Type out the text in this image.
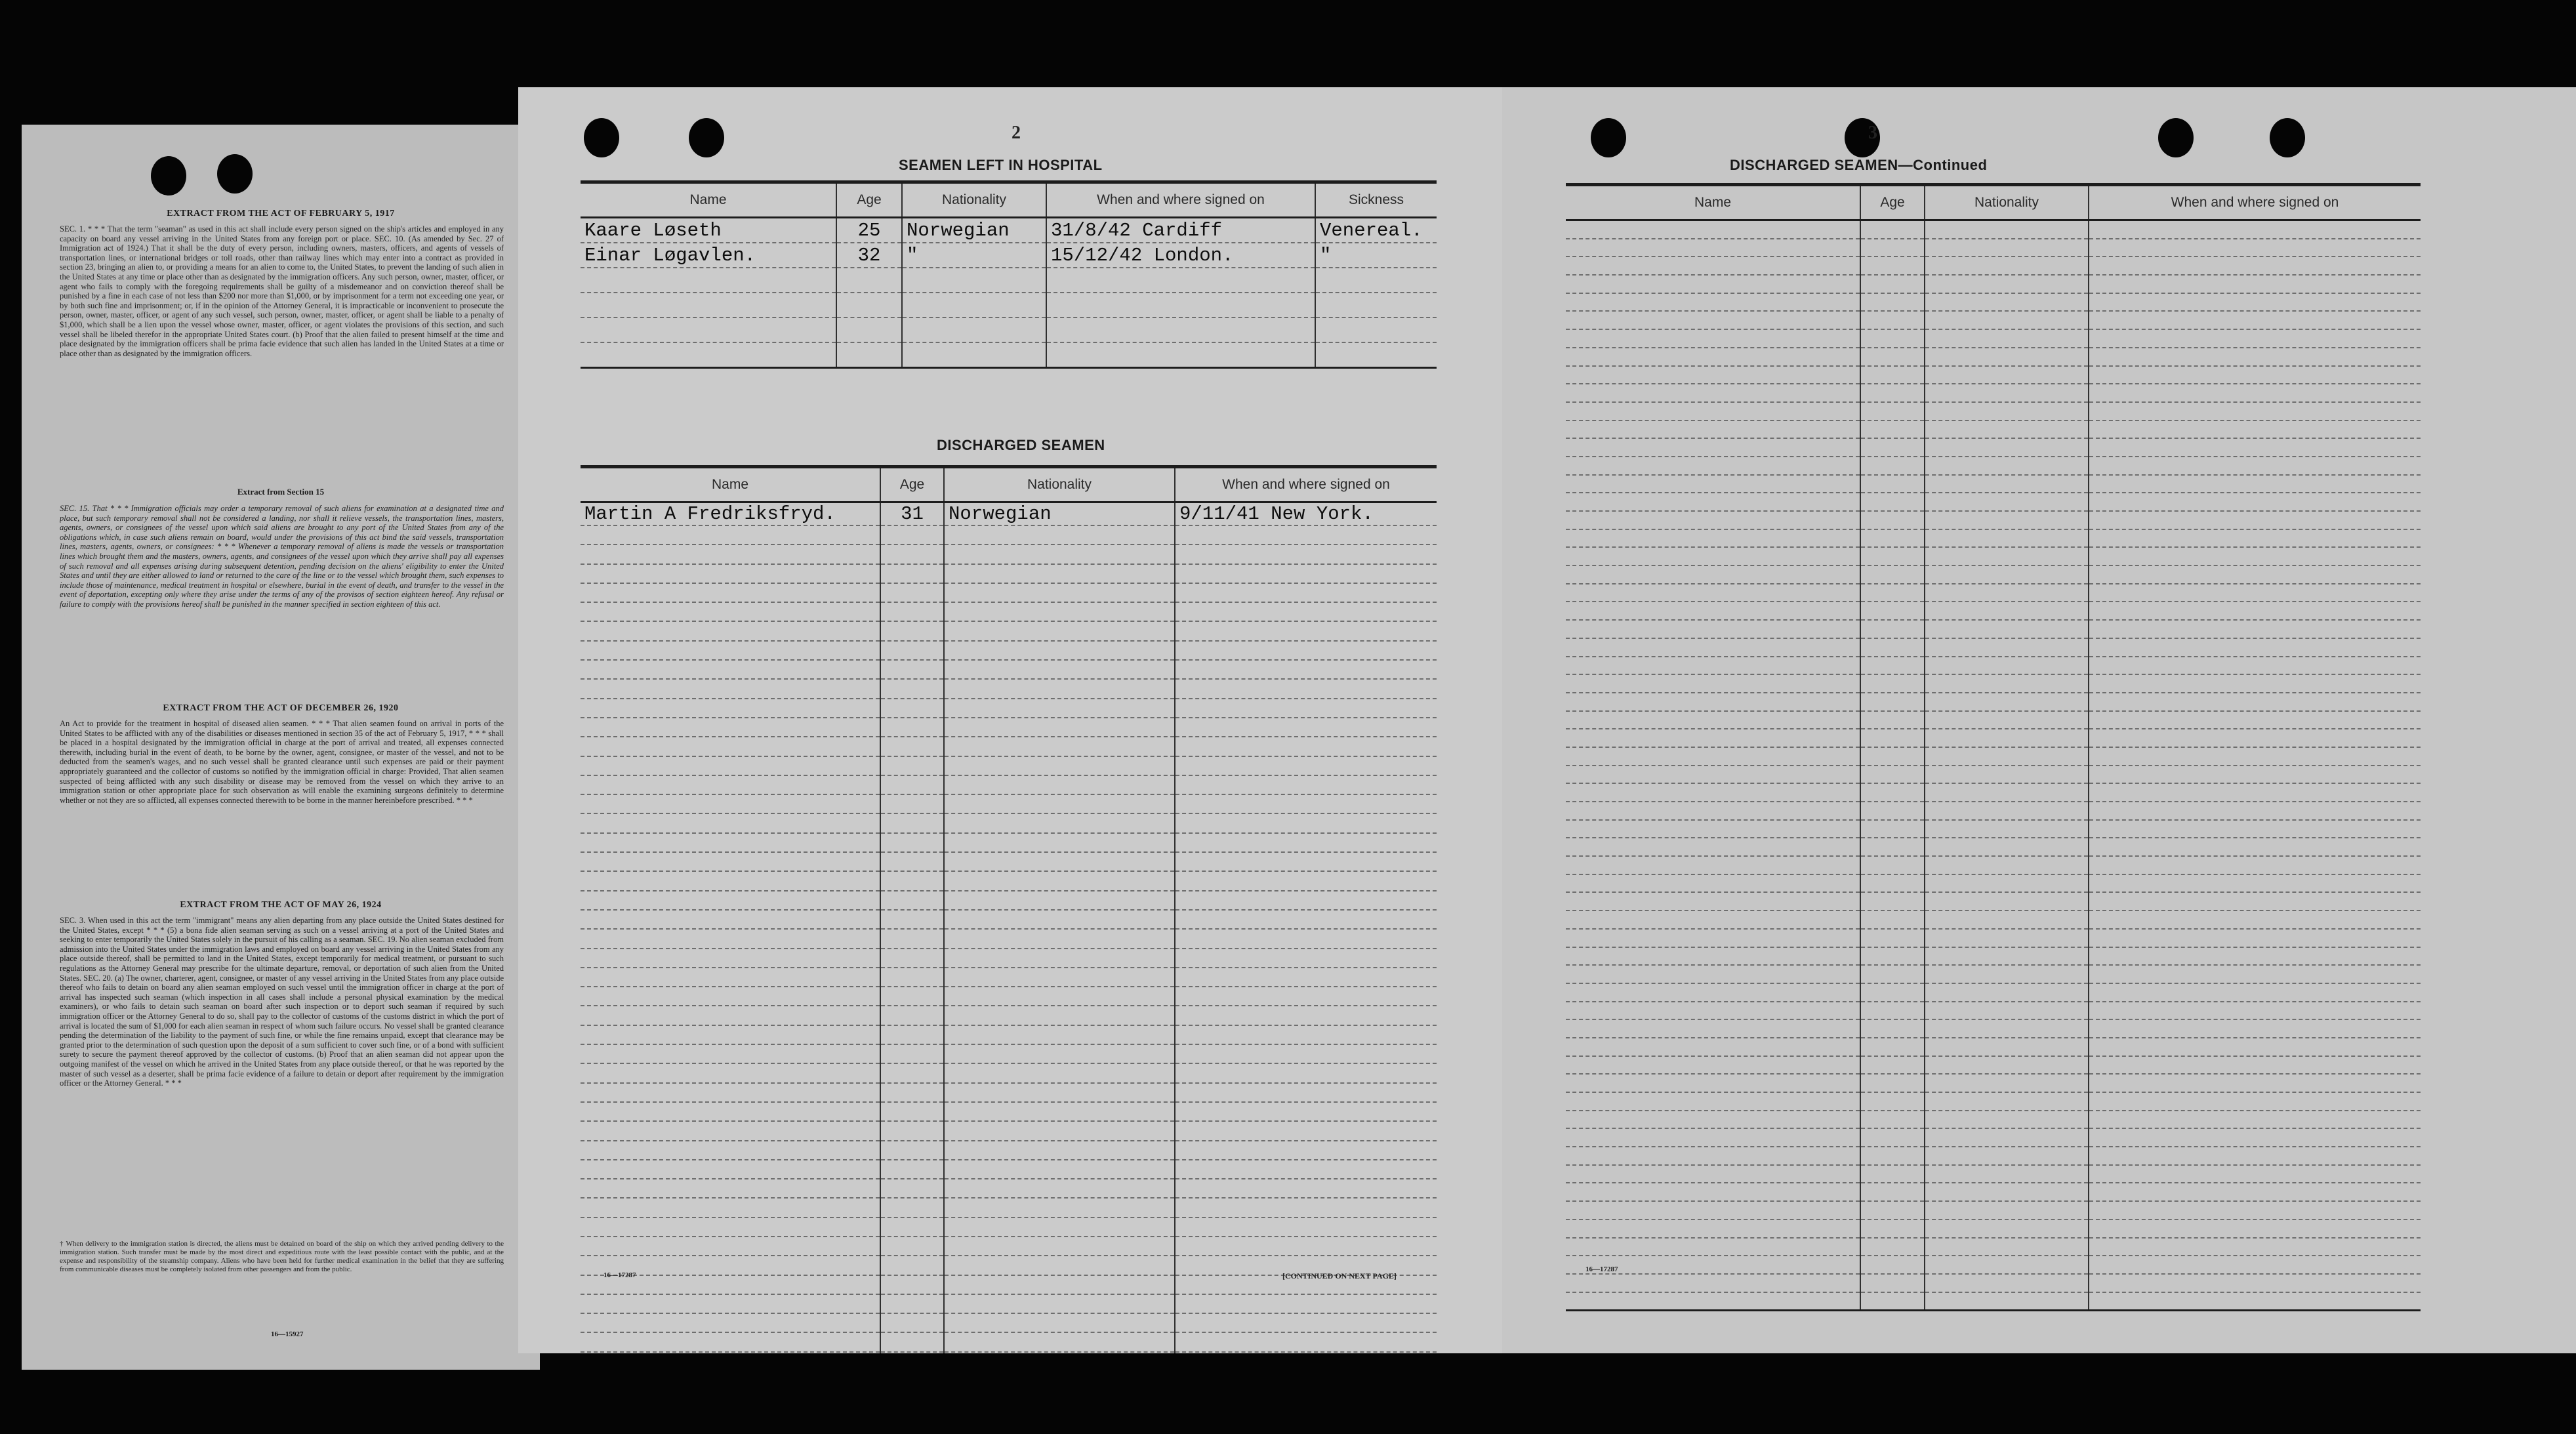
EXTRACT FROM THE ACT OF FEBRUARY 5, 1917
SEC. 1. * * * That the term "seaman" as used in this act shall include every person signed on the ship's articles and employed in any capacity on board any vessel arriving in the United States from any foreign port or place. SEC. 10. (As amended by Sec. 27 of Immigration act of 1924.) That it shall be the duty of every person, including owners, masters, officers, and agents of vessels of transportation lines, or international bridges or toll roads, other than railway lines which may enter into a contract as provided in section 23, bringing an alien to, or providing a means for an alien to come to, the United States, to prevent the landing of such alien in the United States at any time or place other than as designated by the immigration officers. Any such person, owner, master, officer, or agent who fails to comply with the foregoing requirements shall be guilty of a misdemeanor and on conviction thereof shall be punished by a fine in each case of not less than $200 nor more than $1,000, or by imprisonment for a term not exceeding one year, or by both such fine and imprisonment; or, if in the opinion of the Attorney General, it is impracticable or inconvenient to prosecute the person, owner, master, officer, or agent of any such vessel, such person, owner, master, officer, or agent shall be liable to a penalty of $1,000, which shall be a lien upon the vessel whose owner, master, officer, or agent violates the provisions of this section, and such vessel shall be libeled therefor in the appropriate United States court. (b) Proof that the alien failed to present himself at the time and place designated by the immigration officers shall be prima facie evidence that such alien has landed in the United States at a time or place other than as designated by the immigration officers.
Extract from Section 15
SEC. 15. That * * * Immigration officials may order a temporary removal of such aliens for examination at a designated time and place, but such temporary removal shall not be considered a landing, nor shall it relieve vessels, the transportation lines, masters, agents, owners, or consignees of the vessel upon which said aliens are brought to any port of the United States from any of the obligations which, in case such aliens remain on board, would under the provisions of this act bind the said vessels, transportation lines, masters, agents, owners, or consignees: * * * Whenever a temporary removal of aliens is made the vessels or transportation lines which brought them and the masters, owners, agents, and consignees of the vessel upon which they arrive shall pay all expenses of such removal and all expenses arising during subsequent detention, pending decision on the aliens' eligibility to enter the United States and until they are either allowed to land or returned to the care of the line or to the vessel which brought them, such expenses to include those of maintenance, medical treatment in hospital or elsewhere, burial in the event of death, and transfer to the vessel in the event of deportation, excepting only where they arise under the terms of any of the provisos of section eighteen hereof. Any refusal or failure to comply with the provisions hereof shall be punished in the manner specified in section eighteen of this act.
EXTRACT FROM THE ACT OF DECEMBER 26, 1920
An Act to provide for the treatment in hospital of diseased alien seamen. * * * That alien seamen found on arrival in ports of the United States to be afflicted with any of the disabilities or diseases mentioned in section 35 of the act of February 5, 1917, * * * shall be placed in a hospital designated by the immigration official in charge at the port of arrival and treated, all expenses connected therewith, including burial in the event of death, to be borne by the owner, agent, consignee, or master of the vessel, and not to be deducted from the seamen's wages, and no such vessel shall be granted clearance until such expenses are paid or their payment appropriately guaranteed and the collector of customs so notified by the immigration official in charge: Provided, That alien seamen suspected of being afflicted with any such disability or disease may be removed from the vessel on which they arrive to an immigration station or other appropriate place for such observation as will enable the examining surgeons definitely to determine whether or not they are so afflicted, all expenses connected therewith to be borne in the manner hereinbefore prescribed. * * *
EXTRACT FROM THE ACT OF MAY 26, 1924
SEC. 3. When used in this act the term "immigrant" means any alien departing from any place outside the United States destined for the United States, except * * * (5) a bona fide alien seaman serving as such on a vessel arriving at a port of the United States and seeking to enter temporarily the United States solely in the pursuit of his calling as a seaman. SEC. 19. No alien seaman excluded from admission into the United States under the immigration laws and employed on board any vessel arriving in the United States from any place outside thereof, shall be permitted to land in the United States, except temporarily for medical treatment, or pursuant to such regulations as the Attorney General may prescribe for the ultimate departure, removal, or deportation of such alien from the United States. SEC. 20. (a) The owner, charterer, agent, consignee, or master of any vessel arriving in the United States from any place outside thereof who fails to detain on board any alien seaman employed on such vessel until the immigration officer in charge at the port of arrival has inspected such seaman (which inspection in all cases shall include a personal physical examination by the medical examiners), or who fails to detain such seaman on board after such inspection or to deport such seaman if required by such immigration officer or the Attorney General to do so, shall pay to the collector of customs of the customs district in which the port of arrival is located the sum of $1,000 for each alien seaman in respect of whom such failure occurs. No vessel shall be granted clearance pending the determination of the liability to the payment of such fine, or while the fine remains unpaid, except that clearance may be granted prior to the determination of such question upon the deposit of a sum sufficient to cover such fine, or of a bond with sufficient surety to secure the payment thereof approved by the collector of customs. (b) Proof that an alien seaman did not appear upon the outgoing manifest of the vessel on which he arrived in the United States from any place outside thereof, or that he was reported by the master of such vessel as a deserter, shall be prima facie evidence of a failure to detain or deport after requirement by the immigration officer or the Attorney General. * * *
† When delivery to the immigration station is directed, the aliens must be detained on board of the ship on which they arrived pending delivery to the immigration station. Such transfer must be made by the most direct and expeditious route with the least possible contact with the public, and at the expense and responsibility of the steamship company. Aliens who have been held for further medical examination in the belief that they are suffering from communicable diseases must be completely isolated from other passengers and from the public.
16—15927
2
SEAMEN LEFT IN HOSPITAL
Name	Age	Nationality	When and where signed on	Sickness
Kaare Løseth	25	Norwegian	31/8/42 Cardiff	Venereal.
Einar Løgavlen.	32	"	15/12/42 London.	"

DISCHARGED SEAMEN
Name	Age	Nationality	When and where signed on
Martin A Fredriksfryd.	31	Norwegian	9/11/41 New York.

16—17287	[CONTINUED ON NEXT PAGE]
3
DISCHARGED SEAMEN—Continued
Name	Age	Nationality	When and where signed on

16—17287
